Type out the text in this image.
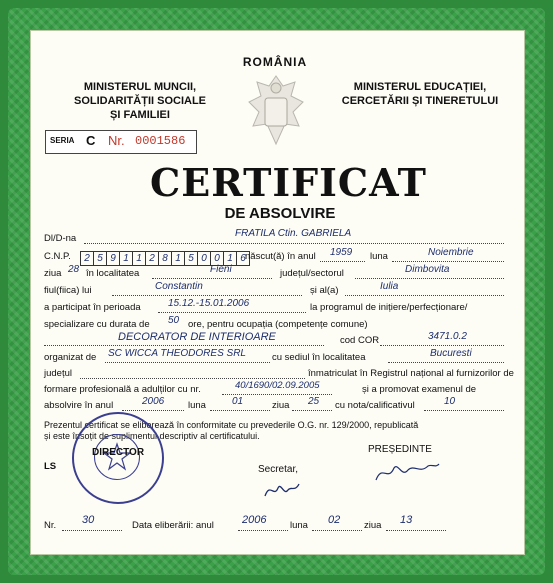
ROMÂNIA
MINISTERUL MUNCII,
SOLIDARITĂȚII SOCIALE
ȘI FAMILIEI
MINISTERUL EDUCAȚIEI,
CERCETĂRII ȘI TINERETULUI
SERIA C Nr. 0001586
CERTIFICAT
DE ABSOLVIRE
Dl/D-na	FRATILA Ctin. GABRIELA
C.N.P.	2 5 9 1 1 2 8 1 5 0 0 1 6 născut(ă) în anul 1959 luna	Noiembrie
ziua 28 în localitatea	Fieni	județul/sectorul	Dimbovita
fiul(fiica) lui	Constantin	și al(a)	Iulia
a participat în perioada	15.12.-15.01.2006	la programul de inițiere/perfecționare/
specializare cu durata de 50 ore, pentru ocupația (competențe comune)
DECORATOR DE INTERIOARE	cod COR	3471.0.2
organizat de SC WICCA THEODORES SRL	cu sediul în localitatea	Bucuresti
județul	înmatriculat în Registrul național al furnizorilor de
formare profesională a adulților cu nr.	40/1690/02.09.2005	și a promovat examenul de
absolvire în anul	2006	luna	01	ziua 25 cu nota/calificativul	10
Prezentul certificat se eliberează în conformitate cu prevederile O.G. nr. 129/2000, republicată
și este însoțit de suplimentul descriptiv al certificatului.
LS
DIRECTOR
Secretar,
PREȘEDINTE
Nr. 30	Data eliberării: anul	2006 luna 02	ziua 13
